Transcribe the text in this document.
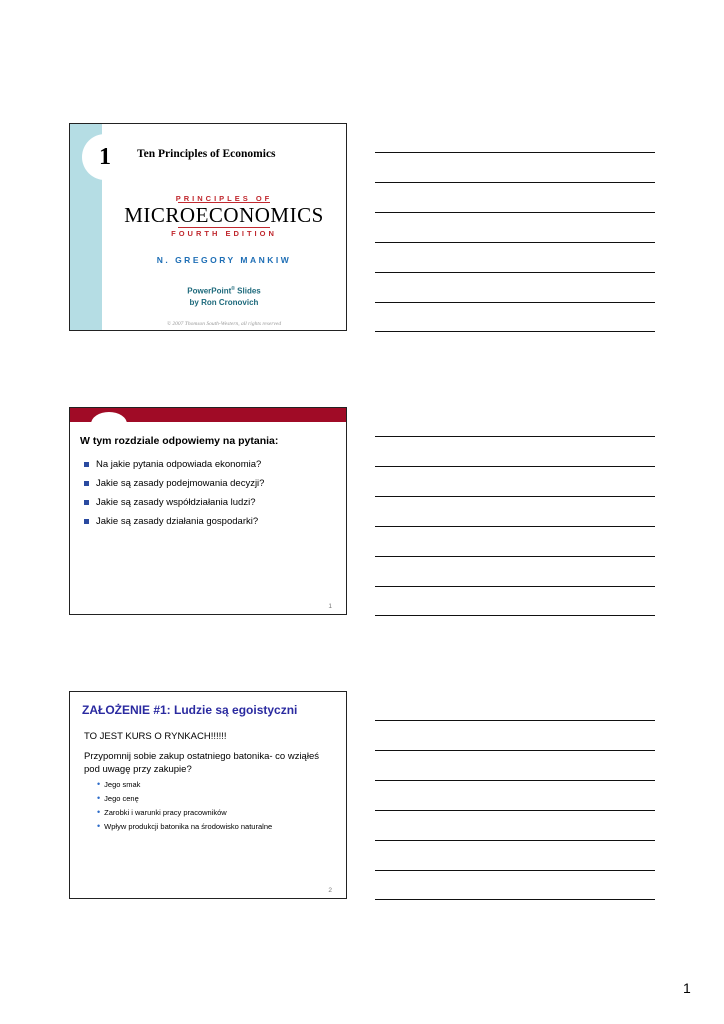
1	Ten Principles of Economics
PRINCIPLES OF
MICROECONOMICS
FOURTH EDITION
N. GREGORY MANKIW
PowerPoint® Slides
by Ron Cronovich
© 2007 Thomson South-Western, all rights reserved
W tym rozdziale odpowiemy na pytania:
Na jakie pytania odpowiada ekonomia?
Jakie są zasady podejmowania decyzji?
Jakie są zasady współdziałania ludzi?
Jakie są zasady działania gospodarki?
1
ZAŁOŻENIE #1: Ludzie są egoistyczni
TO JEST KURS O RYNKACH!!!!!!
Przypomnij sobie zakup ostatniego batonika- co wziąłeś pod uwagę przy zakupie?
• Jego smak
• Jego cenę
• Zarobki i warunki pracy pracowników
• Wpływ produkcji batonika na środowisko naturalne
2
1
